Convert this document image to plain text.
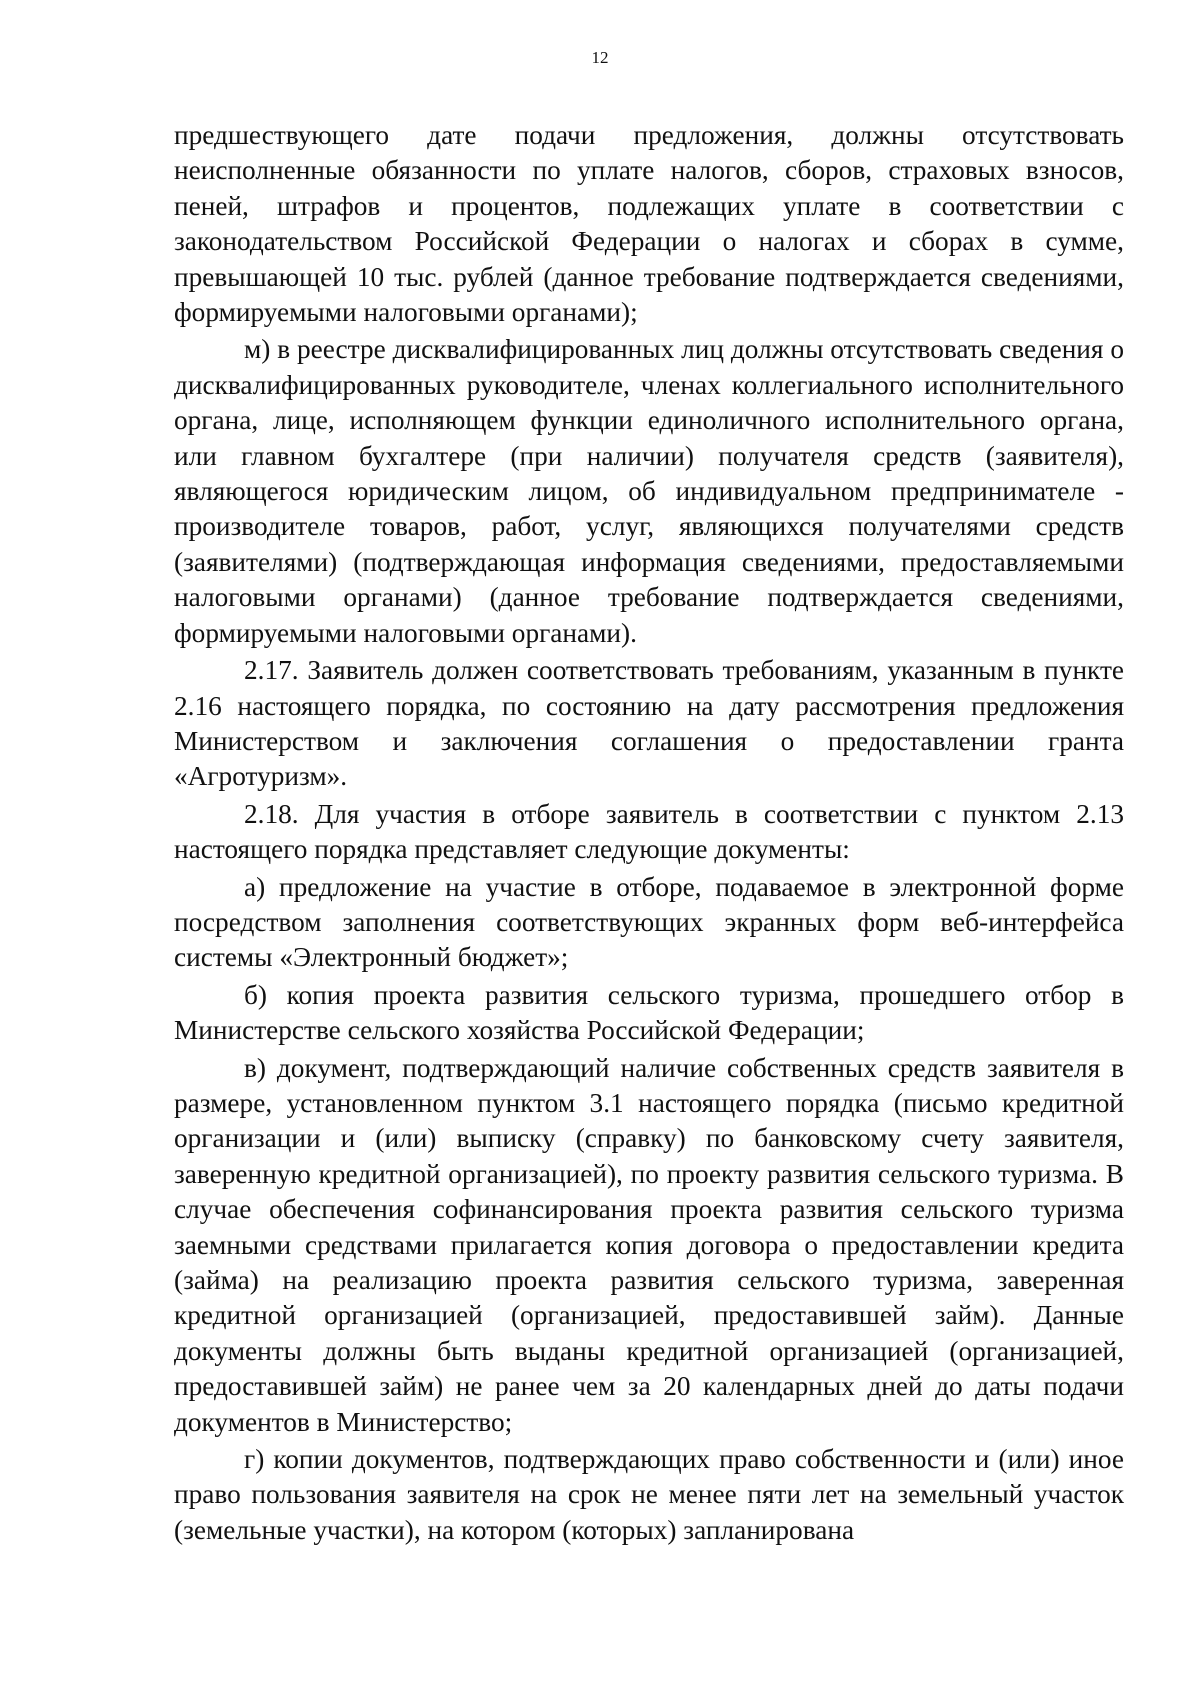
12

предшествующего дате подачи предложения, должны отсутствовать неисполненные обязанности по уплате налогов, сборов, страховых взносов, пеней, штрафов и процентов, подлежащих уплате в соответствии с законодательством Российской Федерации о налогах и сборах в сумме, превышающей 10 тыс. рублей (данное требование подтверждается сведениями, формируемыми налоговыми органами);

м) в реестре дисквалифицированных лиц должны отсутствовать сведения о дисквалифицированных руководителе, членах коллегиального исполнительного органа, лице, исполняющем функции единоличного исполнительного органа, или главном бухгалтере (при наличии) получателя средств (заявителя), являющегося юридическим лицом, об индивидуальном предпринимателе - производителе товаров, работ, услуг, являющихся получателями средств (заявителями) (подтверждающая информация сведениями, предоставляемыми налоговыми органами) (данное требование подтверждается сведениями, формируемыми налоговыми органами).

2.17. Заявитель должен соответствовать требованиям, указанным в пункте 2.16 настоящего порядка, по состоянию на дату рассмотрения предложения Министерством и заключения соглашения о предоставлении гранта «Агротуризм».

2.18. Для участия в отборе заявитель в соответствии с пунктом 2.13 настоящего порядка представляет следующие документы:

а) предложение на участие в отборе, подаваемое в электронной форме посредством заполнения соответствующих экранных форм веб-интерфейса системы «Электронный бюджет»;

б) копия проекта развития сельского туризма, прошедшего отбор в Министерстве сельского хозяйства Российской Федерации;

в) документ, подтверждающий наличие собственных средств заявителя в размере, установленном пунктом 3.1 настоящего порядка (письмо кредитной организации и (или) выписку (справку) по банковскому счету заявителя, заверенную кредитной организацией), по проекту развития сельского туризма. В случае обеспечения софинансирования проекта развития сельского туризма заемными средствами прилагается копия договора о предоставлении кредита (займа) на реализацию проекта развития сельского туризма, заверенная кредитной организацией (организацией, предоставившей займ). Данные документы должны быть выданы кредитной организацией (организацией, предоставившей займ) не ранее чем за 20 календарных дней до даты подачи документов в Министерство;

г) копии документов, подтверждающих право собственности и (или) иное право пользования заявителя на срок не менее пяти лет на земельный участок (земельные участки), на котором (которых) запланирована
